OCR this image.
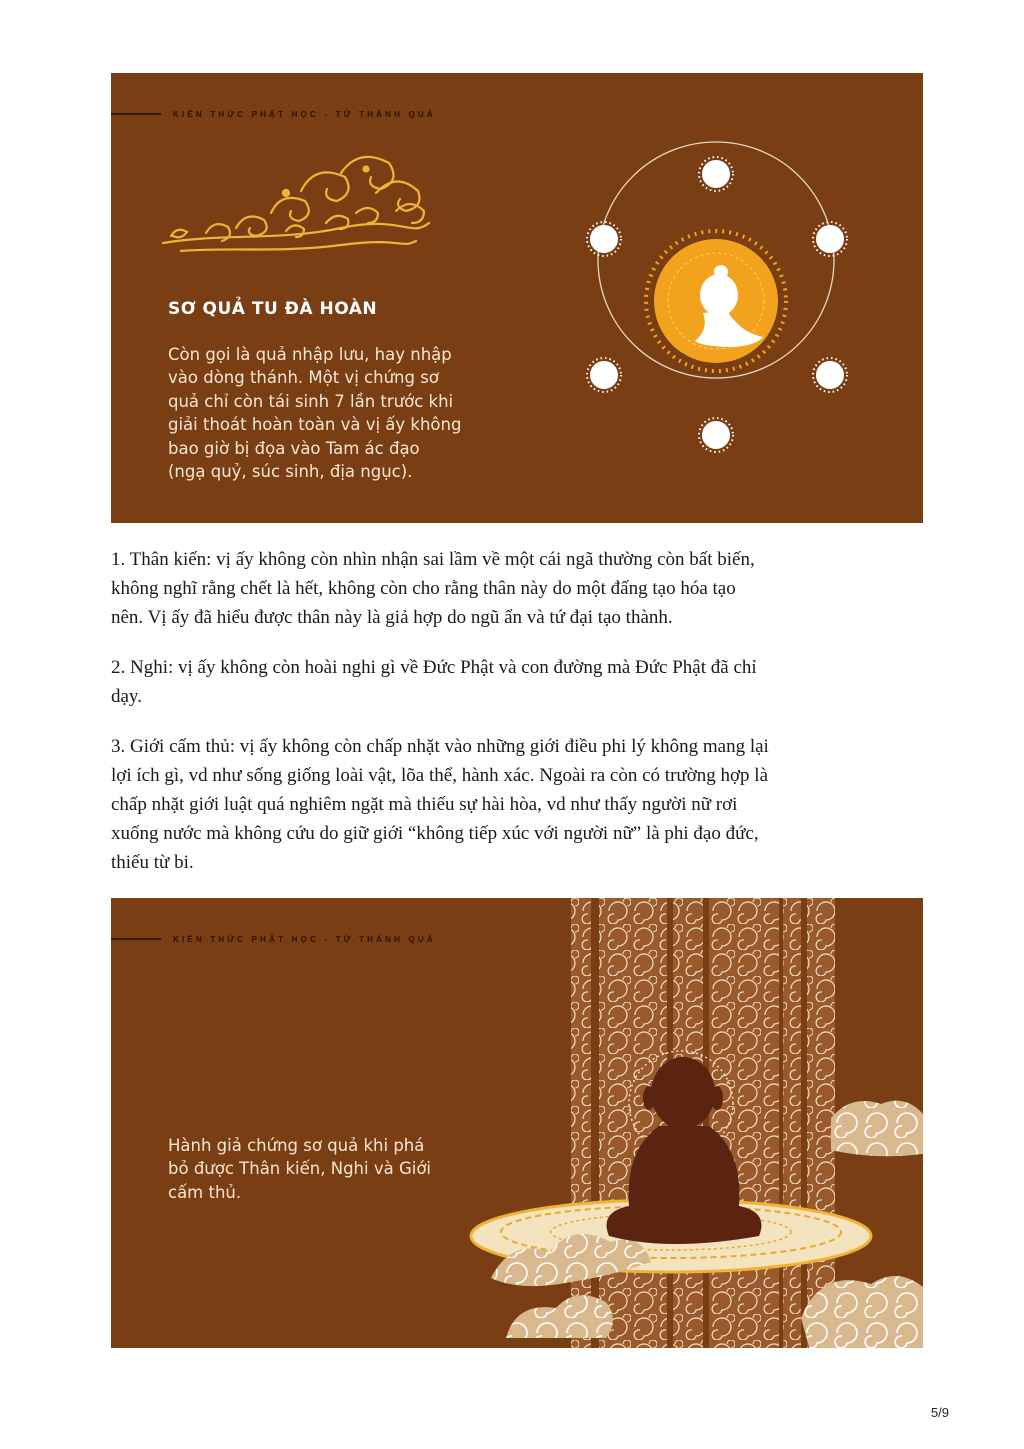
KIẾN THỨC PHẬT HỌC - TỨ THÁNH QUẢ
SƠ QUẢ TU ĐÀ HOÀN
Còn gọi là quả nhập lưu, hay nhập
vào dòng thánh. Một vị chứng sơ
quả chỉ còn tái sinh 7 lần trước khi
giải thoát hoàn toàn và vị ấy không
bao giờ bị đọa vào Tam ác đạo
(ngạ quỷ, súc sinh, địa ngục).
1. Thân kiến: vị ấy không còn nhìn nhận sai lầm về một cái ngã thường còn bất biến,
không nghĩ rằng chết là hết, không còn cho rằng thân này do một đấng tạo hóa tạo
nên. Vị ấy đã hiểu được thân này là giả hợp do ngũ ẩn và tứ đại tạo thành.
2. Nghi: vị ấy không còn hoài nghi gì về Đức Phật và con đường mà Đức Phật đã chỉ
dạy.
3. Giới cấm thủ: vị ấy không còn chấp nhặt vào những giới điều phi lý không mang lại
lợi ích gì, vd như sống giống loài vật, lõa thể, hành xác. Ngoài ra còn có trường hợp là
chấp nhặt giới luật quá nghiêm ngặt mà thiếu sự hài hòa, vd như thấy người nữ rơi
xuống nước mà không cứu do giữ giới “không tiếp xúc với người nữ” là phi đạo đức,
thiếu từ bi.
KIẾN THỨC PHẬT HỌC - TỨ THÁNH QUẢ
Hành giả chứng sơ quả khi phá
bỏ được Thân kiến, Nghi và Giới
cấm thủ.
5/9
